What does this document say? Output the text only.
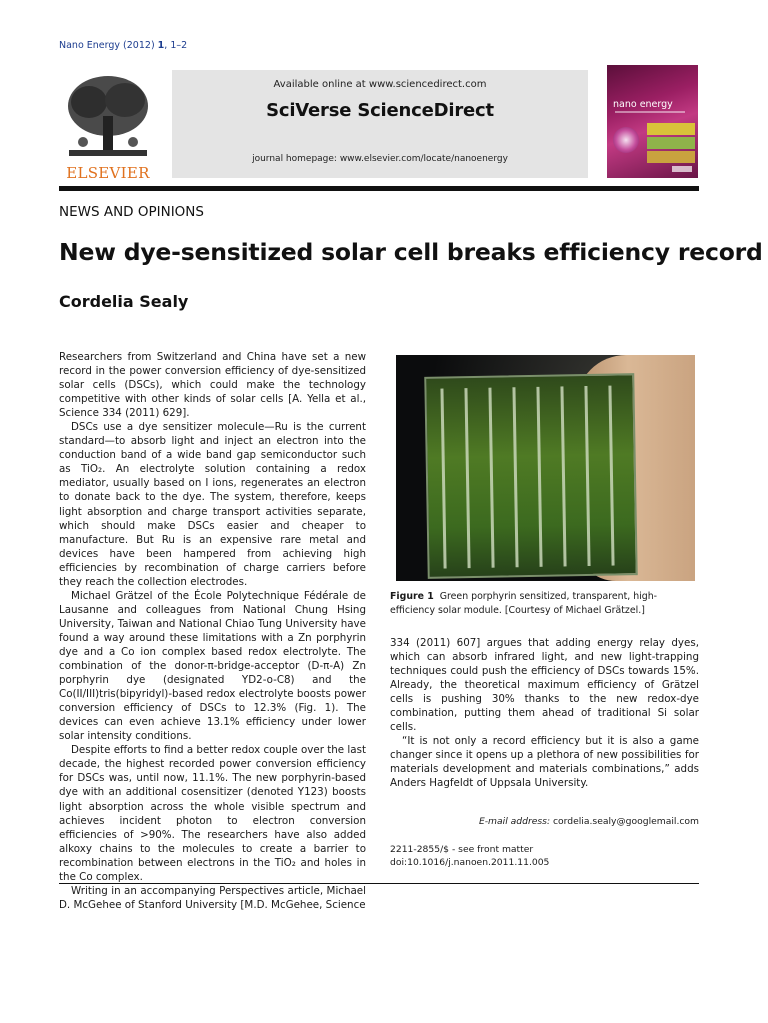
Nano Energy (2012) 1, 1–2
ELSEVIER
Available online at www.sciencedirect.com
SciVerse ScienceDirect
journal homepage: www.elsevier.com/locate/nanoenergy
nano energy
NEWS AND OPINIONS
New dye-sensitized solar cell breaks efficiency record
Cordelia Sealy

Researchers from Switzerland and China have set a new record in the power conversion efficiency of dye-sensitized solar cells (DSCs), which could make the technology competitive with other kinds of solar cells [A. Yella et al., Science 334 (2011) 629].

DSCs use a dye sensitizer molecule—Ru is the current standard—to absorb light and inject an electron into the conduction band of a wide band gap semiconductor such as TiO₂. An electrolyte solution containing a redox mediator, usually based on I ions, regenerates an electron to donate back to the dye. The system, therefore, keeps light absorption and charge transport activities separate, which should make DSCs easier and cheaper to manufacture. But Ru is an expensive rare metal and devices have been hampered from achieving high efficiencies by recombination of charge carriers before they reach the collection electrodes.

Michael Grätzel of the École Polytechnique Fédérale de Lausanne and colleagues from National Chung Hsing University, Taiwan and National Chiao Tung University have found a way around these limitations with a Zn porphyrin dye and a Co ion complex based redox electrolyte. The combination of the donor-π-bridge-acceptor (D-π-A) Zn porphyrin dye (designated YD2-o-C8) and the Co(II/III)tris(bipyridyl)-based redox electrolyte boosts power conversion efficiency of DSCs to 12.3% (Fig. 1). The devices can even achieve 13.1% efficiency under lower solar intensity conditions.

Despite efforts to find a better redox couple over the last decade, the highest recorded power conversion efficiency for DSCs was, until now, 11.1%. The new porphyrin-based dye with an additional cosensitizer (denoted Y123) boosts light absorption across the whole visible spectrum and achieves incident photon to electron conversion efficiencies of >90%. The researchers have also added alkoxy chains to the molecules to create a barrier to recombination between electrons in the TiO₂ and holes in the Co complex.

Writing in an accompanying Perspectives article, Michael D. McGehee of Stanford University [M.D. McGehee, Science

Figure 1 Green porphyrin sensitized, transparent, high-efficiency solar module. [Courtesy of Michael Grätzel.]

334 (2011) 607] argues that adding energy relay dyes, which can absorb infrared light, and new light-trapping techniques could push the efficiency of DSCs towards 15%. Already, the theoretical maximum efficiency of Grätzel cells is pushing 30% thanks to the new redox-dye combination, putting them ahead of traditional Si solar cells.

“It is not only a record efficiency but it is also a game changer since it opens up a plethora of new possibilities for materials development and materials combinations,” adds Anders Hagfeldt of Uppsala University.

E-mail address: cordelia.sealy@googlemail.com
2211-2855/$ - see front matter
doi:10.1016/j.nanoen.2011.11.005
